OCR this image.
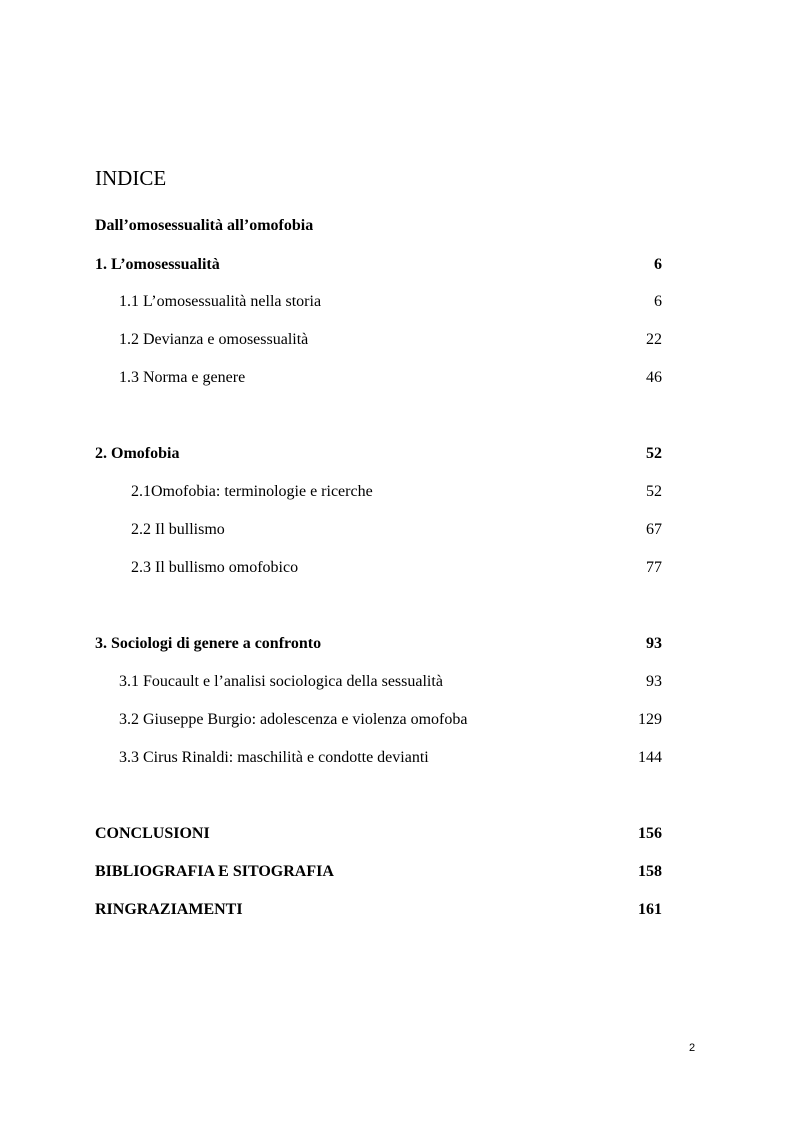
INDICE
Dall’omosessualità all’omofobia
1. L’omosessualità	6
1.1 L’omosessualità nella storia	6
1.2 Devianza e omosessualità	22
1.3 Norma e genere	46
2. Omofobia	52
2.1Omofobia: terminologie e ricerche	52
2.2 Il bullismo	67
2.3 Il bullismo omofobico	77
3. Sociologi di genere a confronto	93
3.1 Foucault e l’analisi sociologica della sessualità	93
3.2 Giuseppe Burgio: adolescenza e violenza omofoba	129
3.3 Cirus Rinaldi: maschilità e condotte devianti	144
CONCLUSIONI	156
BIBLIOGRAFIA E SITOGRAFIA	158
RINGRAZIAMENTI	161
2
